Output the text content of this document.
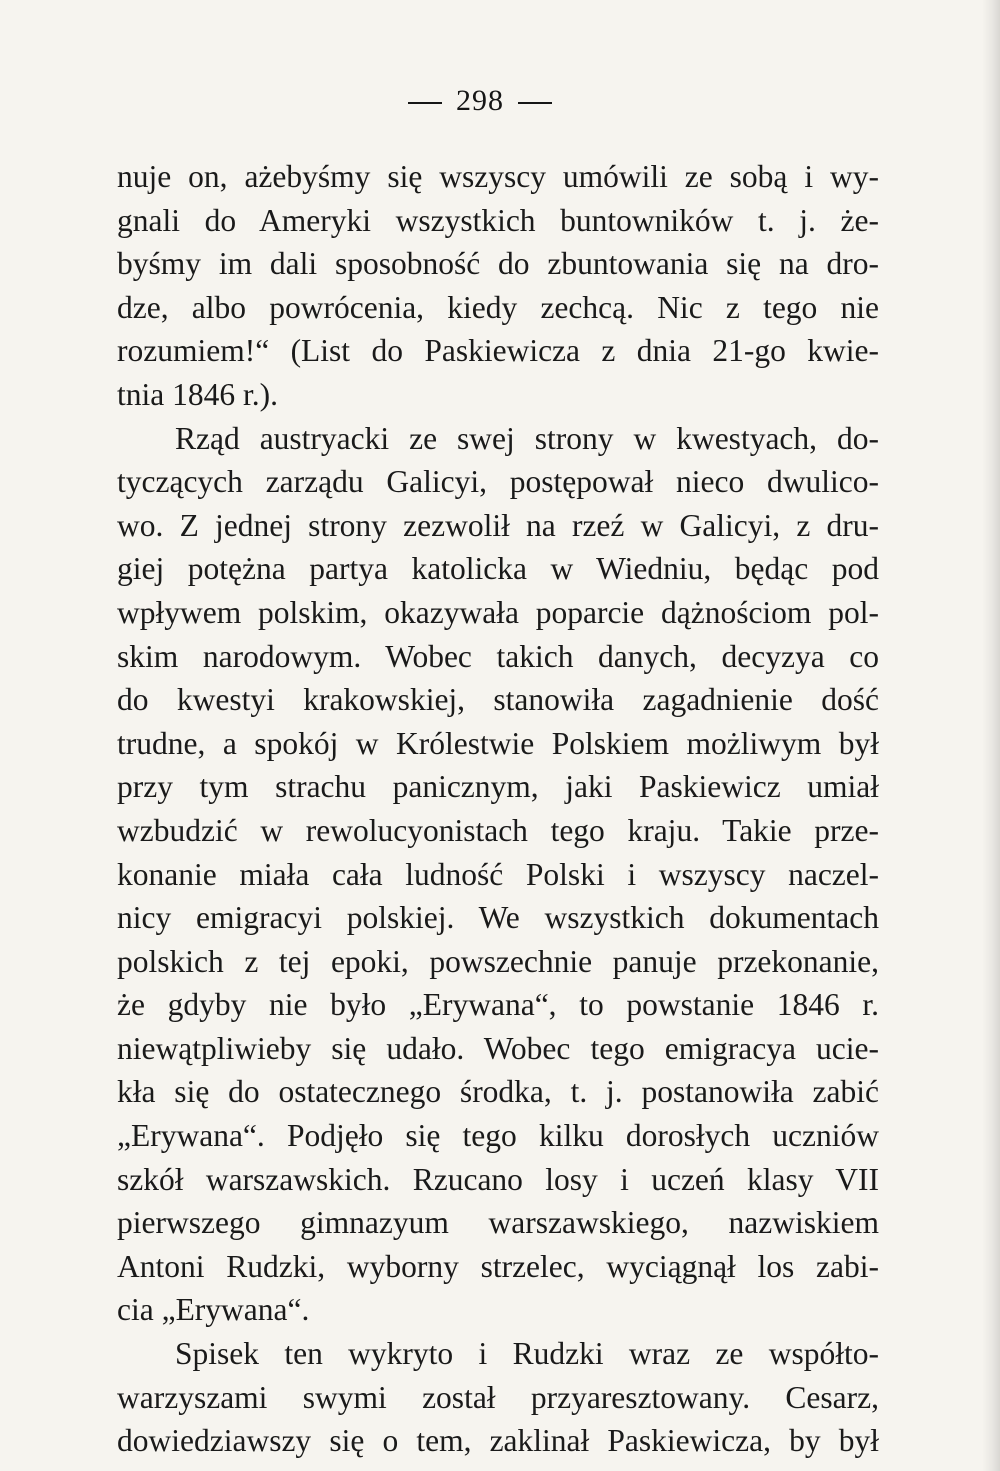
298
nuje on, ażebyśmy się wszyscy umówili ze sobą i wy-
gnali do Ameryki wszystkich buntowników t. j. że-
byśmy im dali sposobność do zbuntowania się na dro-
dze, albo powrócenia, kiedy zechcą. Nic z tego nie
rozumiem!“ (List do Paskiewicza z dnia 21-go kwie-
tnia 1846 r.).
Rząd austryacki ze swej strony w kwestyach, do-
tyczących zarządu Galicyi, postępował nieco dwulico-
wo. Z jednej strony zezwolił na rzeź w Galicyi, z dru-
giej potężna partya katolicka w Wiedniu, będąc pod
wpływem polskim, okazywała poparcie dążnościom pol-
skim narodowym. Wobec takich danych, decyzya co
do kwestyi krakowskiej, stanowiła zagadnienie dość
trudne, a spokój w Królestwie Polskiem możliwym był
przy tym strachu panicznym, jaki Paskiewicz umiał
wzbudzić w rewolucyonistach tego kraju. Takie prze-
konanie miała cała ludność Polski i wszyscy naczel-
nicy emigracyi polskiej. We wszystkich dokumentach
polskich z tej epoki, powszechnie panuje przekonanie,
że gdyby nie było „Erywana“, to powstanie 1846 r.
niewątpliwieby się udało. Wobec tego emigracya ucie-
kła się do ostatecznego środka, t. j. postanowiła zabić
„Erywana“. Podjęło się tego kilku dorosłych uczniów
szkół warszawskich. Rzucano losy i uczeń klasy VII
pierwszego gimnazyum warszawskiego, nazwiskiem
Antoni Rudzki, wyborny strzelec, wyciągnął los zabi-
cia „Erywana“.
Spisek ten wykryto i Rudzki wraz ze współto-
warzyszami swymi został przyaresztowany. Cesarz,
dowiedziawszy się o tem, zaklinał Paskiewicza, by był
